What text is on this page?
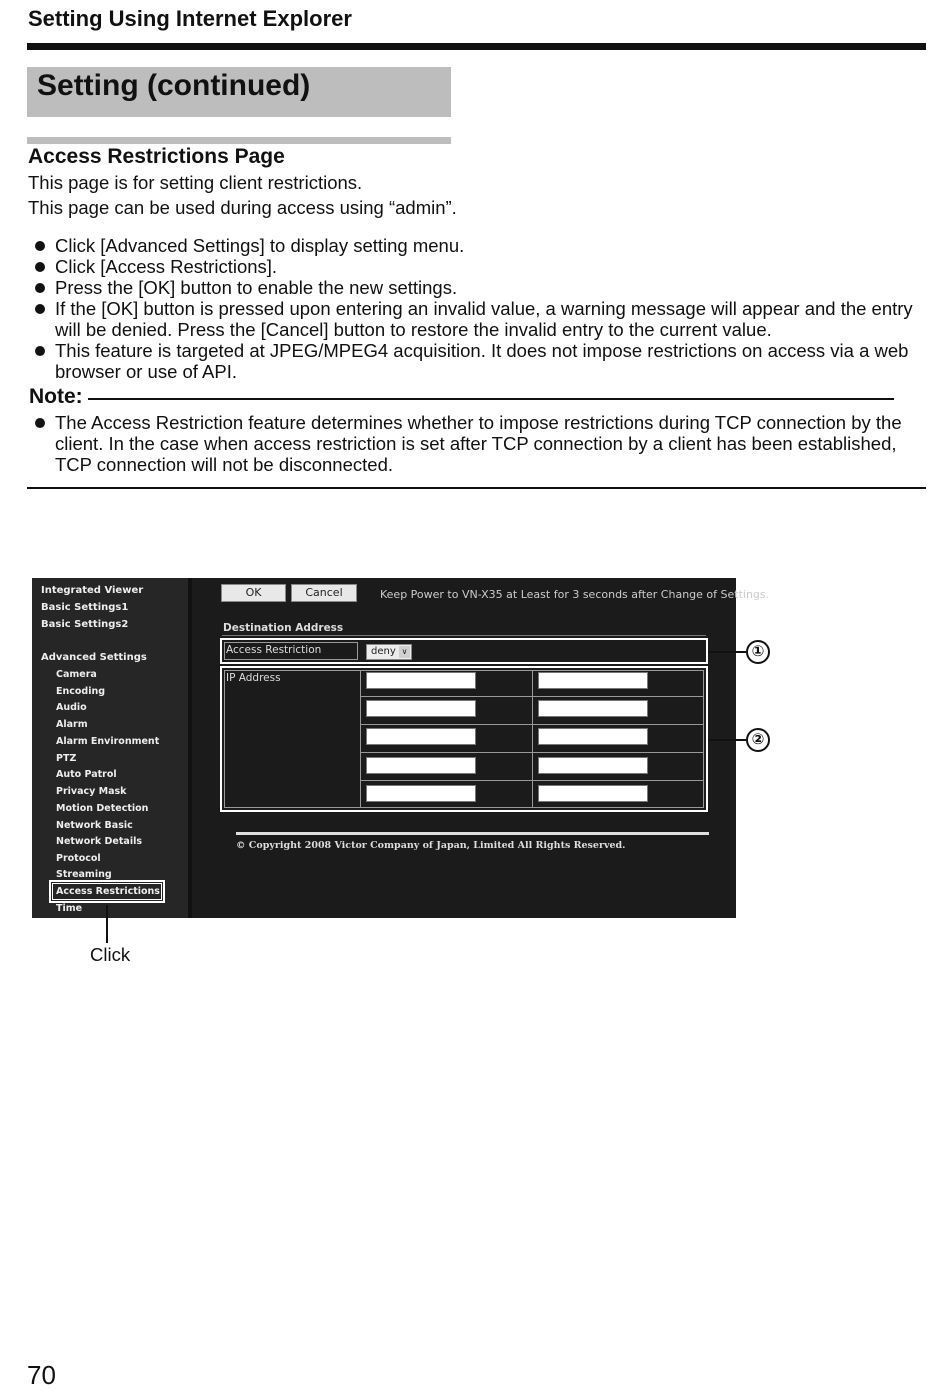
Setting Using Internet Explorer
Setting (continued)
Access Restrictions Page
This page is for setting client restrictions.
This page can be used during access using “admin”.
Click [Advanced Settings] to display setting menu.
Click [Access Restrictions].
Press the [OK] button to enable the new settings.
If the [OK] button is pressed upon entering an invalid value, a warning message will appear and the entry will be denied. Press the [Cancel] button to restore the invalid entry to the current value.
This feature is targeted at JPEG/MPEG4 acquisition. It does not impose restrictions on access via a web browser or use of API.
Note:
The Access Restriction feature determines whether to impose restrictions during TCP connection by the client. In the case when access restriction is set after TCP connection by a client has been established, TCP connection will not be disconnected.
Integrated Viewer
Basic Settings1
Basic Settings2
Advanced Settings
Camera
Encoding
Audio
Alarm
Alarm Environment
PTZ
Auto Patrol
Privacy Mask
Motion Detection
Network Basic
Network Details
Protocol
Streaming
Access Restrictions
Time
OK	Cancel	Keep Power to VN-X35 at Least for 3 seconds after Change of Settings.
Destination Address
Access Restriction	deny ∨
IP Address
© Copyright 2008 Victor Company of Japan, Limited All Rights Reserved.
①
②
Click
70
